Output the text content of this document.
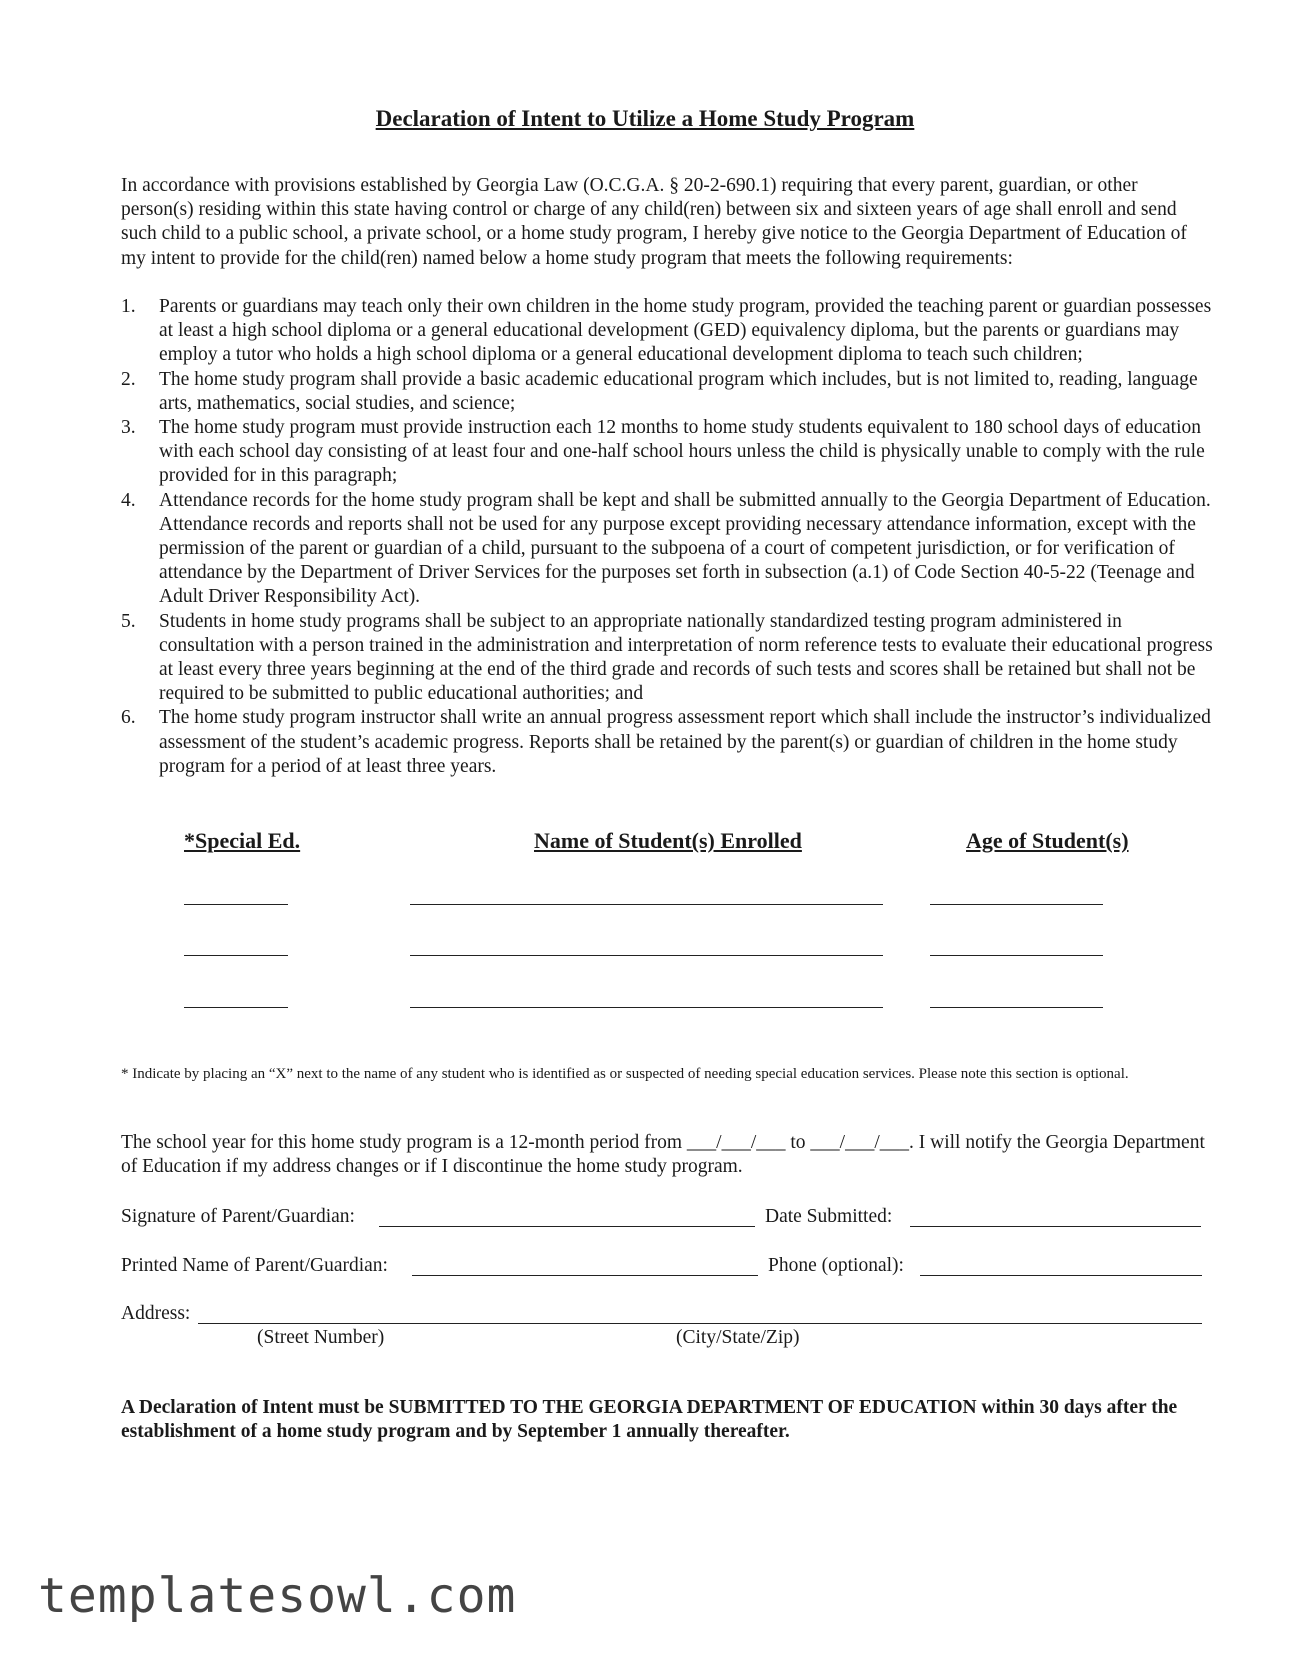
Declaration of Intent to Utilize a Home Study Program
In accordance with provisions established by Georgia Law (O.C.G.A. § 20-2-690.1) requiring that every parent, guardian, or other person(s) residing within this state having control or charge of any child(ren) between six and sixteen years of age shall enroll and send such child to a public school, a private school, or a home study program, I hereby give notice to the Georgia Department of Education of my intent to provide for the child(ren) named below a home study program that meets the following requirements:
1.	Parents or guardians may teach only their own children in the home study program, provided the teaching parent or guardian possesses at least a high school diploma or a general educational development (GED) equivalency diploma, but the parents or guardians may employ a tutor who holds a high school diploma or a general educational development diploma to teach such children;
2.	The home study program shall provide a basic academic educational program which includes, but is not limited to, reading, language arts, mathematics, social studies, and science;
3.	The home study program must provide instruction each 12 months to home study students equivalent to 180 school days of education with each school day consisting of at least four and one-half school hours unless the child is physically unable to comply with the rule provided for in this paragraph;
4.	Attendance records for the home study program shall be kept and shall be submitted annually to the Georgia Department of Education. Attendance records and reports shall not be used for any purpose except providing necessary attendance information, except with the permission of the parent or guardian of a child, pursuant to the subpoena of a court of competent jurisdiction, or for verification of attendance by the Department of Driver Services for the purposes set forth in subsection (a.1) of Code Section 40-5-22 (Teenage and Adult Driver Responsibility Act).
5.	Students in home study programs shall be subject to an appropriate nationally standardized testing program administered in consultation with a person trained in the administration and interpretation of norm reference tests to evaluate their educational progress at least every three years beginning at the end of the third grade and records of such tests and scores shall be retained but shall not be required to be submitted to public educational authorities; and
6.	The home study program instructor shall write an annual progress assessment report which shall include the instructor’s individualized assessment of the student’s academic progress. Reports shall be retained by the parent(s) or guardian of children in the home study program for a period of at least three years.
*Special Ed.	Name of Student(s) Enrolled	Age of Student(s)
* Indicate by placing an “X” next to the name of any student who is identified as or suspected of needing special education services. Please note this section is optional.
The school year for this home study program is a 12-month period from ___/___/___ to ___/___/___. I will notify the Georgia Department of Education if my address changes or if I discontinue the home study program.
Signature of Parent/Guardian:	Date Submitted:
Printed Name of Parent/Guardian:	Phone (optional):
Address:
(Street Number)	(City/State/Zip)
A Declaration of Intent must be SUBMITTED TO THE GEORGIA DEPARTMENT OF EDUCATION within 30 days after the establishment of a home study program and by September 1 annually thereafter.
templatesowl.com
